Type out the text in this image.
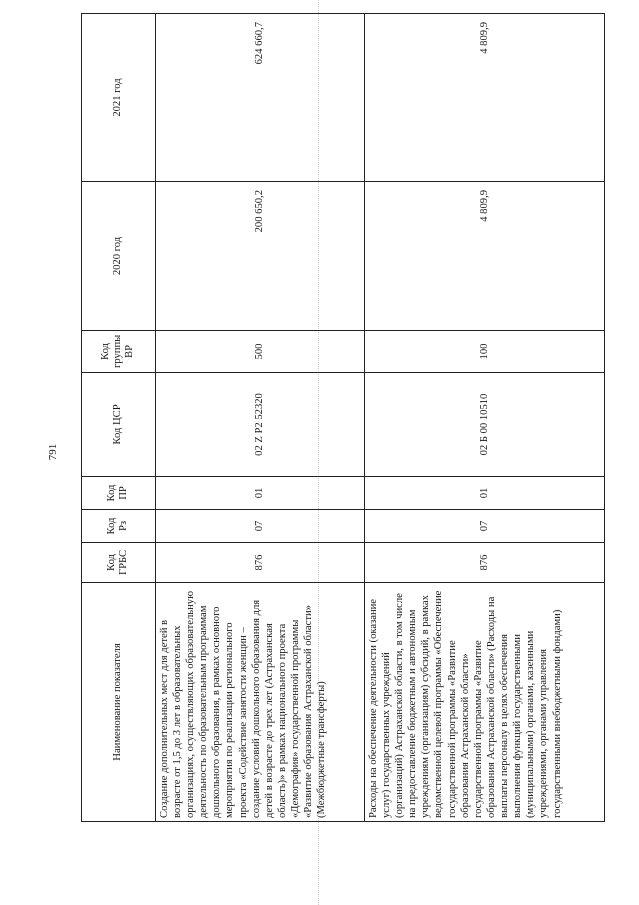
791
Наименование показателя	Код ГРБС	Код Рз	Код ПР	Код ЦСР	Код группы ВР	2020 год	2021 год
Создание дополнительных мест для детей в возрасте от 1,5 до 3 лет в образовательных организациях, осуществляющих образовательную деятельность по образовательным программам дошкольного образования, в рамках основного мероприятия по реализации регионального проекта «Содействие занятости женщин – создание условий дошкольного образования для детей в возрасте до трех лет (Астраханская область)» в рамках национального проекта «Демография» государственной программы «Развитие образования Астраханской области» (Межбюджетные трансферты)	876	07	01	02 Z P2 52320	500	200 650,2	624 660,7
Расходы на обеспечение деятельности (оказание услуг) государственных учреждений (организаций) Астраханской области, в том числе на предоставление бюджетным и автономным учреждениям (организациям) субсидий, в рамках ведомственной целевой программы «Обеспечение государственной программы «Развитие образования Астраханской области» государственной программы «Развитие образования Астраханской области» (Расходы на выплаты персоналу в целях обеспечения выполнения функций государственными (муниципальными) органами, казенными учреждениями, органами управления государственными внебюджетными фондами)	876	07	01	02 Б 00 10510	100	4 809,9	4 809,9
